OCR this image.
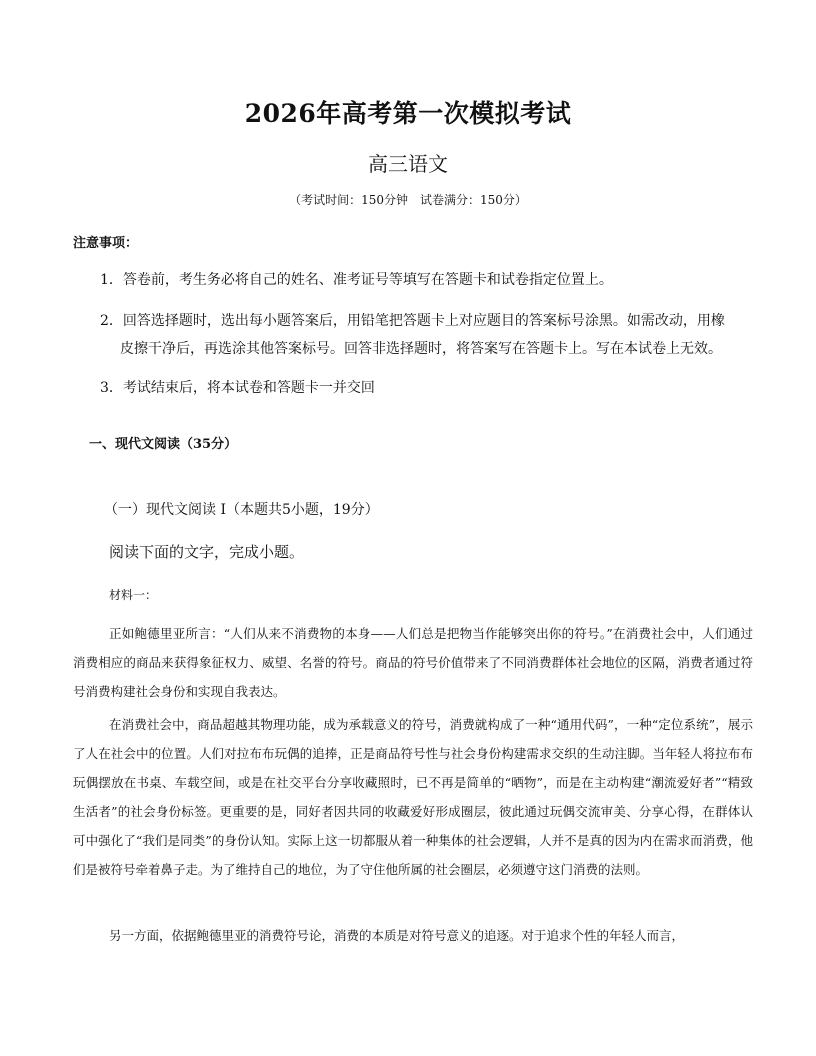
2026年高考第一次模拟考试
高三语文
（考试时间：150分钟　试卷满分：150分）
注意事项：
1．答卷前，考生务必将自己的姓名、准考证号等填写在答题卡和试卷指定位置上。
2．回答选择题时，选出每小题答案后，用铅笔把答题卡上对应题目的答案标号涂黑。如需改动，用橡
皮擦干净后，再选涂其他答案标号。回答非选择题时，将答案写在答题卡上。写在本试卷上无效。
3．考试结束后，将本试卷和答题卡一并交回
一、现代文阅读（35分）
（一）现代文阅读 I（本题共5小题，19分）
阅读下面的文字，完成小题。
材料一：
正如鲍德里亚所言：“人们从来不消费物的本身——人们总是把物当作能够突出你的符号。”在消费社会中，人们通过消费相应的商品来获得象征权力、威望、名誉的符号。商品的符号价值带来了不同消费群体社会地位的区隔，消费者通过符号消费构建社会身份和实现自我表达。
在消费社会中，商品超越其物理功能，成为承载意义的符号，消费就构成了一种“通用代码”，一种“定位系统”，展示了人在社会中的位置。人们对拉布布玩偶的追捧，正是商品符号性与社会身份构建需求交织的生动注脚。当年轻人将拉布布玩偶摆放在书桌、车载空间，或是在社交平台分享收藏照时，已不再是简单的“晒物”，而是在主动构建“潮流爱好者”“精致生活者”的社会身份标签。更重要的是，同好者因共同的收藏爱好形成圈层，彼此通过玩偶交流审美、分享心得，在群体认可中强化了“我们是同类”的身份认知。实际上这一切都服从着一种集体的社会逻辑，人并不是真的因为内在需求而消费，他们是被符号牵着鼻子走。为了维持自己的地位，为了守住他所属的社会圈层，必须遵守这门消费的法则。
另一方面，依据鲍德里亚的消费符号论，消费的本质是对符号意义的追逐。对于追求个性的年轻人而言，
